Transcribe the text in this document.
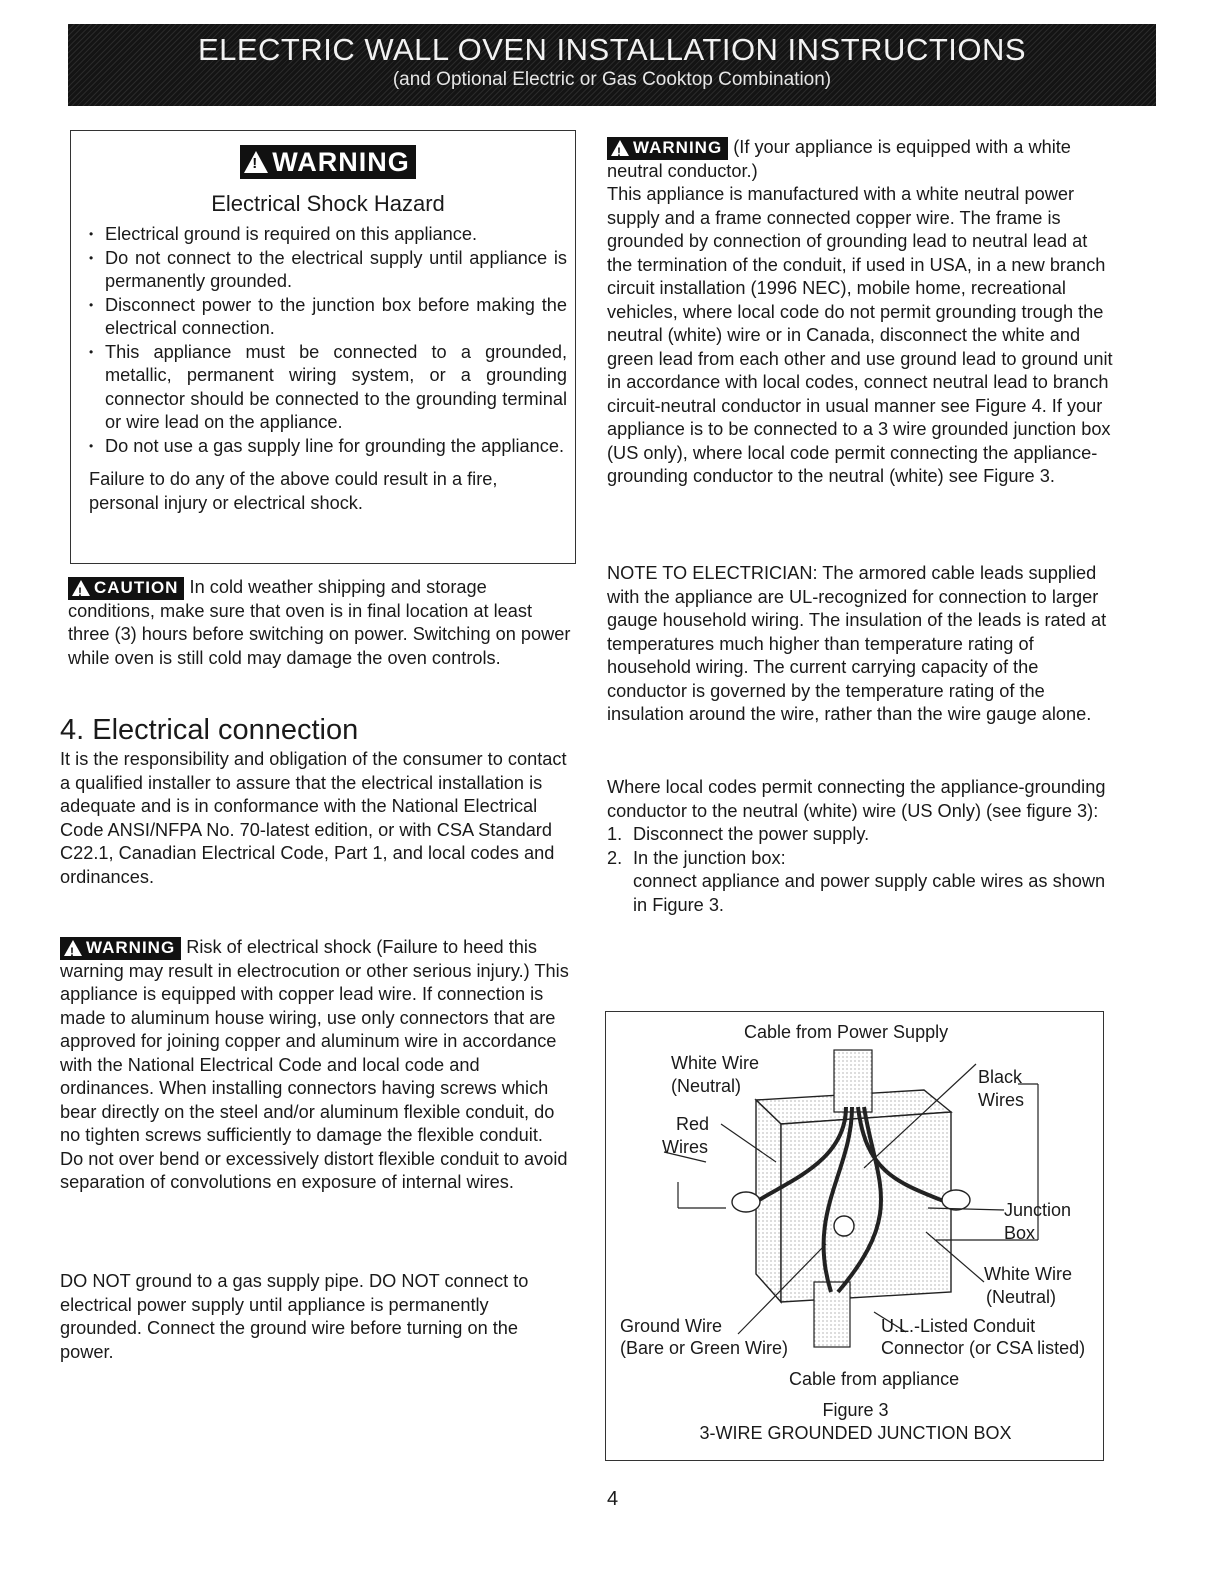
ELECTRIC WALL OVEN INSTALLATION INSTRUCTIONS
(and Optional Electric or Gas Cooktop Combination)
!
WARNING
Electrical Shock Hazard
• Electrical ground is required on this appliance.
• Do not connect to the electrical supply until appliance is permanently grounded.
• Disconnect power to the junction box before making the electrical connection.
• This appliance must be connected to a grounded, metallic, permanent wiring system, or a grounding connector should be connected to the grounding terminal or wire lead on the appliance.
• Do not use a gas supply line for grounding the appliance.
Failure to do any of the above could result in a fire, personal injury or electrical shock.

!
CAUTION In cold weather shipping and storage conditions, make sure that oven is in final location at least three (3) hours before switching on power. Switching on power while oven is still cold may damage the oven controls.

4. Electrical connection

It is the responsibility and obligation of the consumer to contact a qualified installer to assure that the electrical installation is adequate and is in conformance with the National Electrical Code ANSI/NFPA No. 70-latest edition, or with CSA Standard C22.1, Canadian Electrical Code, Part 1, and local codes and ordinances.

!
WARNING Risk of electrical shock (Failure to heed this warning may result in electrocution or other serious injury.) This appliance is equipped with copper lead wire. If connection is made to aluminum house wiring, use only connectors that are approved for joining copper and aluminum wire in accordance with the National Electrical Code and local code and ordinances. When installing connectors having screws which bear directly on the steel and/or aluminum flexible conduit, do no tighten screws sufficiently to damage the flexible conduit. Do not over bend or excessively distort flexible conduit to avoid separation of convolutions en exposure of internal wires.

DO NOT ground to a gas supply pipe. DO NOT connect to electrical power supply until appliance is permanently grounded. Connect the ground wire before turning on the power.

!
WARNING (If your appliance is equipped with a white neutral conductor.)

This appliance is manufactured with a white neutral power supply and a frame connected copper wire. The frame is grounded by connection of grounding lead to neutral lead at the termination of the conduit, if used in USA, in a new branch circuit installation (1996 NEC), mobile home, recreational vehicles, where local code do not permit grounding trough the neutral (white) wire or in Canada, disconnect the white and green lead from each other and use ground lead to ground unit in accordance with local codes, connect neutral lead to branch circuit-neutral conductor in usual manner see Figure 4. If your appliance is to be connected to a 3 wire grounded junction box (US only), where local code permit connecting the appliance-grounding conductor to the neutral (white) see Figure 3.

NOTE TO ELECTRICIAN: The armored cable leads supplied with the appliance are UL-recognized for connection to larger gauge household wiring. The insulation of the leads is rated at temperatures much higher than temperature rating of household wiring. The current carrying capacity of the conductor is governed by the temperature rating of the insulation around the wire, rather than the wire gauge alone.

Where local codes permit connecting the appliance-grounding conductor to the neutral (white) wire (US Only) (see figure 3):

1. Disconnect the power supply.
2. In the junction box:

connect appliance and power supply cable wires as shown in Figure 3.

Cable from Power Supply
White Wire
(Neutral)	Black
Wires
Red
Wires
Junction
Box
White Wire
(Neutral)
Ground Wire
(Bare or Green Wire)
U.L.-Listed Conduit
Connector (or CSA listed)
Cable from appliance
Figure 3
3-WIRE GROUNDED JUNCTION BOX
4
